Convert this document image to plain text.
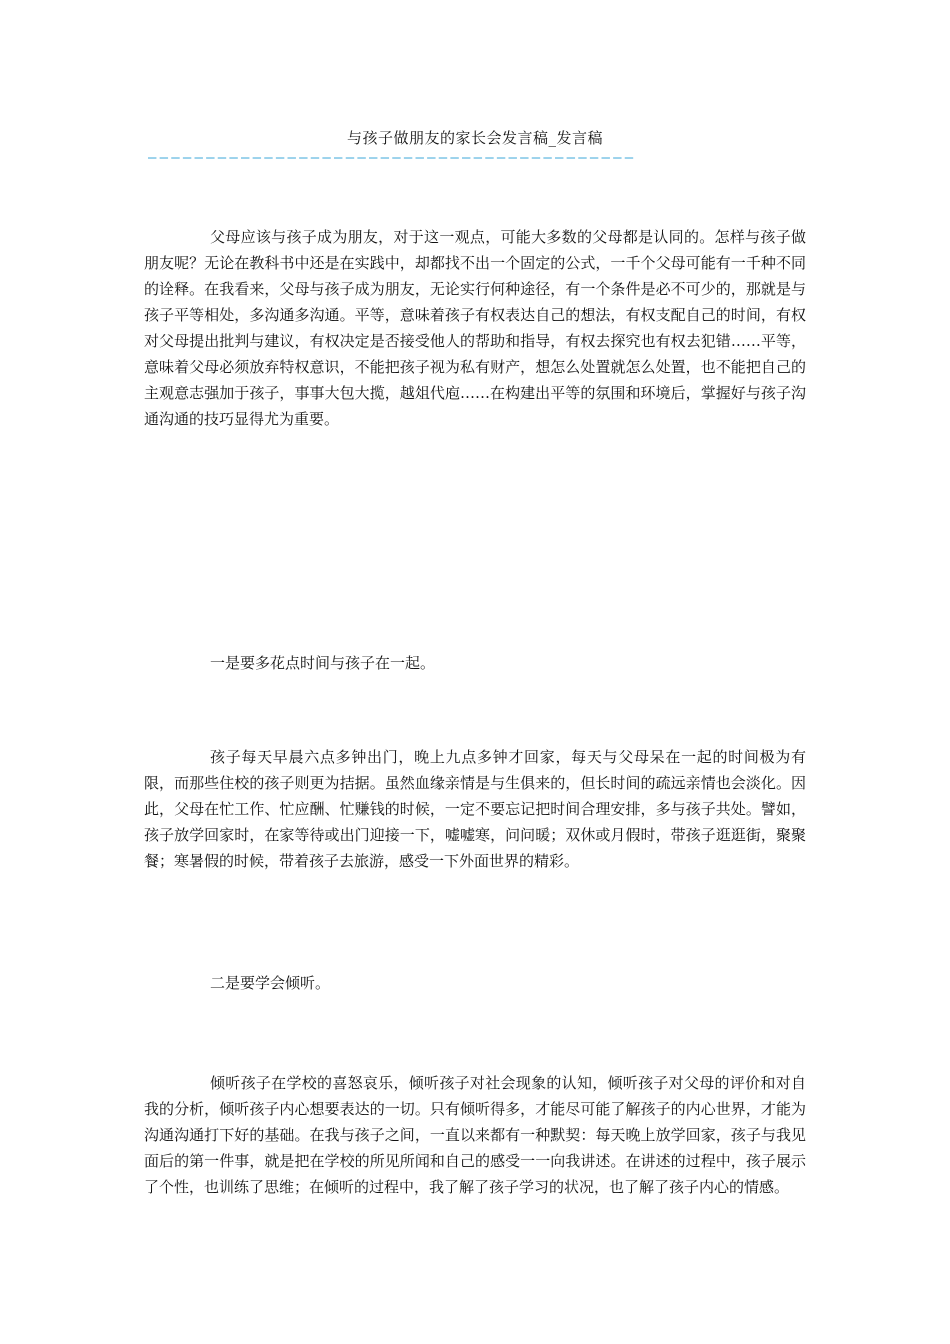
与孩子做朋友的家长会发言稿_发言稿
——————————————————————————————————————————

父母应该与孩子成为朋友，对于这一观点，可能大多数的父母都是认同的。怎样与孩子做朋友呢？无论在教科书中还是在实践中，却都找不出一个固定的公式，一千个父母可能有一千种不同的诠释。在我看来，父母与孩子成为朋友，无论实行何种途径，有一个条件是必不可少的，那就是与孩子平等相处，多沟通多沟通。平等，意味着孩子有权表达自己的想法，有权支配自己的时间，有权对父母提出批判与建议，有权决定是否接受他人的帮助和指导，有权去探究也有权去犯错……平等，意味着父母必须放弃特权意识，不能把孩子视为私有财产，想怎么处置就怎么处置，也不能把自己的主观意志强加于孩子，事事大包大揽，越俎代庖……在构建出平等的氛围和环境后，掌握好与孩子沟通沟通的技巧显得尤为重要。

一是要多花点时间与孩子在一起。

孩子每天早晨六点多钟出门，晚上九点多钟才回家，每天与父母呆在一起的时间极为有限，而那些住校的孩子则更为拮据。虽然血缘亲情是与生俱来的，但长时间的疏远亲情也会淡化。因此，父母在忙工作、忙应酬、忙赚钱的时候，一定不要忘记把时间合理安排，多与孩子共处。譬如，孩子放学回家时，在家等待或出门迎接一下，嘘嘘寒，问问暖；双休或月假时，带孩子逛逛街，聚聚餐；寒暑假的时候，带着孩子去旅游，感受一下外面世界的精彩。

二是要学会倾听。

倾听孩子在学校的喜怒哀乐，倾听孩子对社会现象的认知，倾听孩子对父母的评价和对自我的分析，倾听孩子内心想要表达的一切。只有倾听得多，才能尽可能了解孩子的内心世界，才能为沟通沟通打下好的基础。在我与孩子之间，一直以来都有一种默契：每天晚上放学回家，孩子与我见面后的第一件事，就是把在学校的所见所闻和自己的感受一一向我讲述。在讲述的过程中，孩子展示了个性，也训练了思维；在倾听的过程中，我了解了孩子学习的状况，也了解了孩子内心的情感。
